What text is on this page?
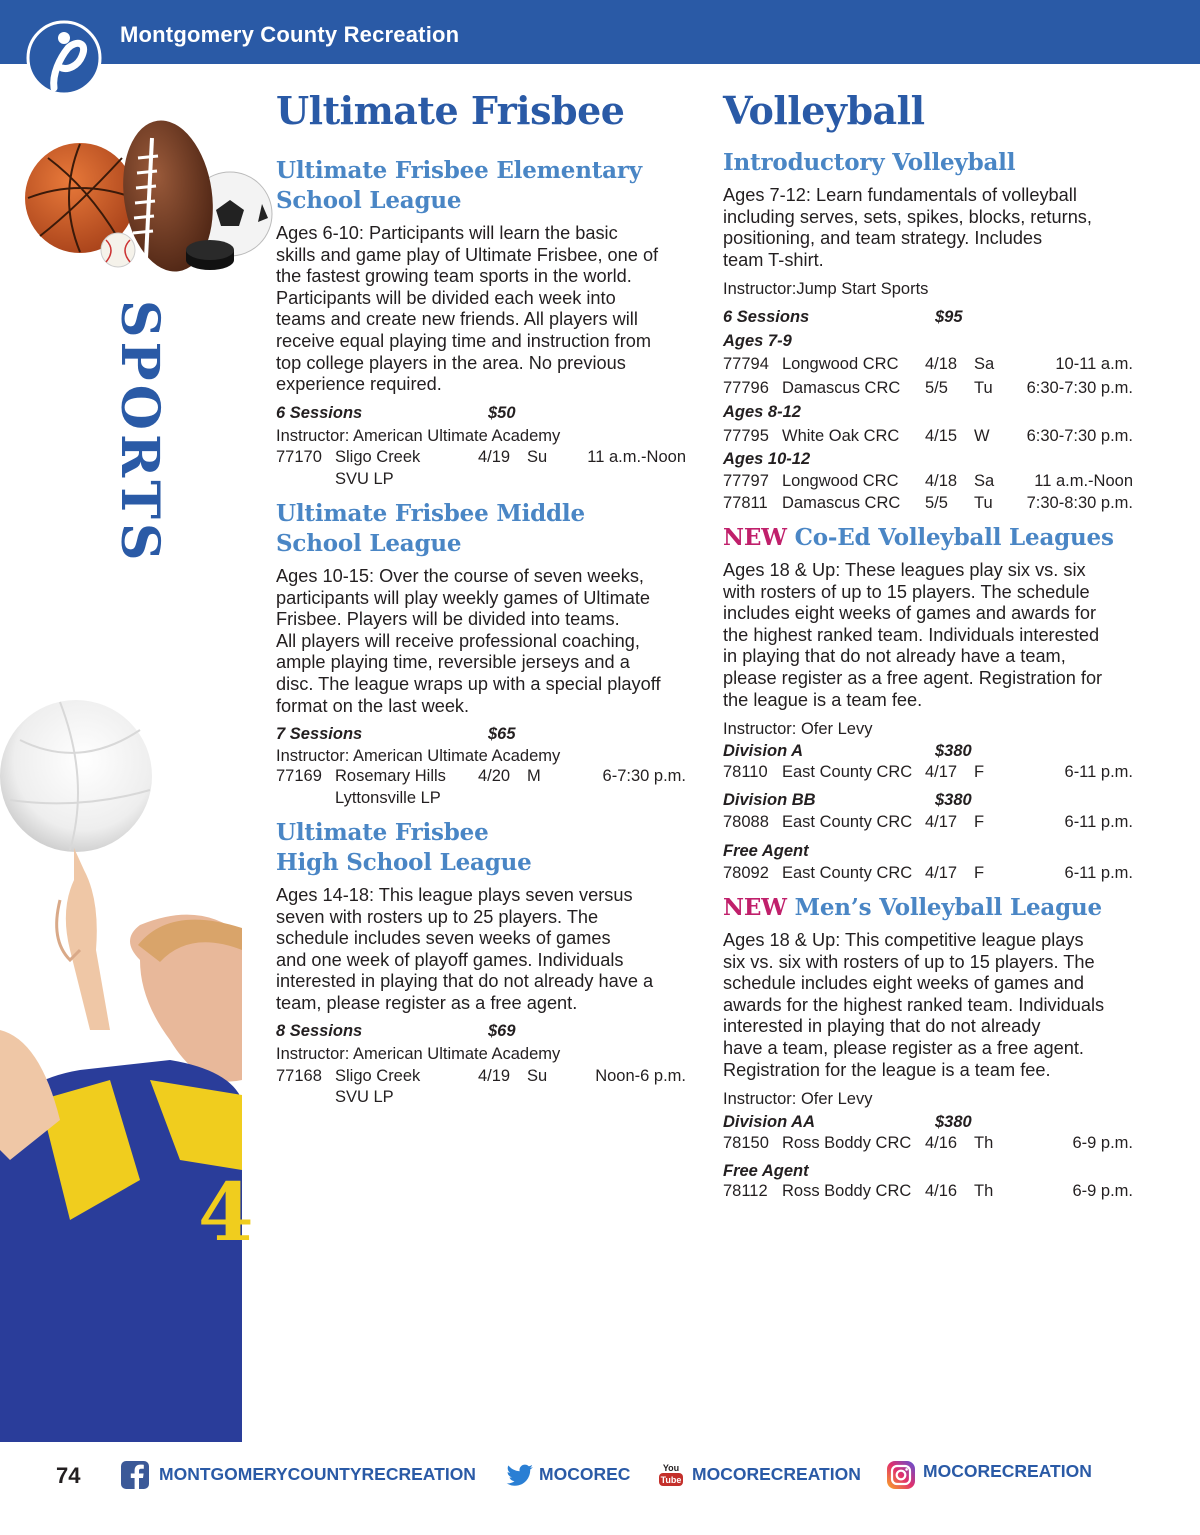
Montgomery County Recreation
SPORTS
4
Ultimate Frisbee
Ultimate Frisbee Elementary
School League
Ages 6-10: Participants will learn the basic
skills and game play of Ultimate Frisbee, one of
the fastest growing team sports in the world.
Participants will be divided each week into
teams and create new friends. All players will
receive equal playing time and instruction from
top college players in the area. No previous
experience required.
6 Sessions	$50
Instructor: American Ultimate Academy
77170 Sligo Creek	4/19 Su 11 a.m.-Noon
SVU LP
Ultimate Frisbee Middle
School League
Ages 10-15: Over the course of seven weeks,
participants will play weekly games of Ultimate
Frisbee. Players will be divided into teams.
All players will receive professional coaching,
ample playing time, reversible jerseys and a
disc. The league wraps up with a special playoff
format on the last week.
7 Sessions	$65
Instructor: American Ultimate Academy
77169 Rosemary Hills 4/20 M	6-7:30 p.m.
Lyttonsville LP
Ultimate Frisbee
High School League
Ages 14-18: This league plays seven versus
seven with rosters up to 25 players. The
schedule includes seven weeks of games
and one week of playoff games. Individuals
interested in playing that do not already have a
team, please register as a free agent.
8 Sessions	$69
Instructor: American Ultimate Academy
77168 Sligo Creek	4/19 Su	Noon-6 p.m.
SVU LP
Volleyball
Introductory Volleyball
Ages 7-12: Learn fundamentals of volleyball
including serves, sets, spikes, blocks, returns,
positioning, and team strategy. Includes
team T-shirt.
Instructor:Jump Start Sports
6 Sessions	$95
Ages 7-9
77794 Longwood CRC 4/18 Sa	10-11 a.m.
77796 Damascus CRC 5/5 Tu 6:30-7:30 p.m.
Ages 8-12
77795 White Oak CRC 4/15 W 6:30-7:30 p.m.
Ages 10-12
77797 Longwood CRC 4/18 Sa 11 a.m.-Noon
77811 Damascus CRC 5/5 Tu 7:30-8:30 p.m.
NEW Co-Ed Volleyball Leagues
Ages 18 & Up: These leagues play six vs. six
with rosters of up to 15 players. The schedule
includes eight weeks of games and awards for
the highest ranked team. Individuals interested
in playing that do not already have a team,
please register as a free agent. Registration for
the league is a team fee.
Instructor: Ofer Levy
Division A	$380
78110 East County CRC 4/17 F	6-11 p.m.
Division BB	$380
78088 East County CRC 4/17 F	6-11 p.m.
Free Agent
78092 East County CRC 4/17 F	6-11 p.m.
NEW Men’s Volleyball League
Ages 18 & Up: This competitive league plays
six vs. six with rosters of up to 15 players. The
schedule includes eight weeks of games and
awards for the highest ranked team. Individuals
interested in playing that do not already
have a team, please register as a free agent.
Registration for the league is a team fee.
Instructor: Ofer Levy
Division AA	$380
78150 Ross Boddy CRC 4/16 Th	6-9 p.m.
Free Agent
78112 Ross Boddy CRC 4/16 Th	6-9 p.m.
74	MONTGOMERYCOUNTYRECREATION	MOCOREC	You
Tube MOCORECREATION	MOCORECREATION
